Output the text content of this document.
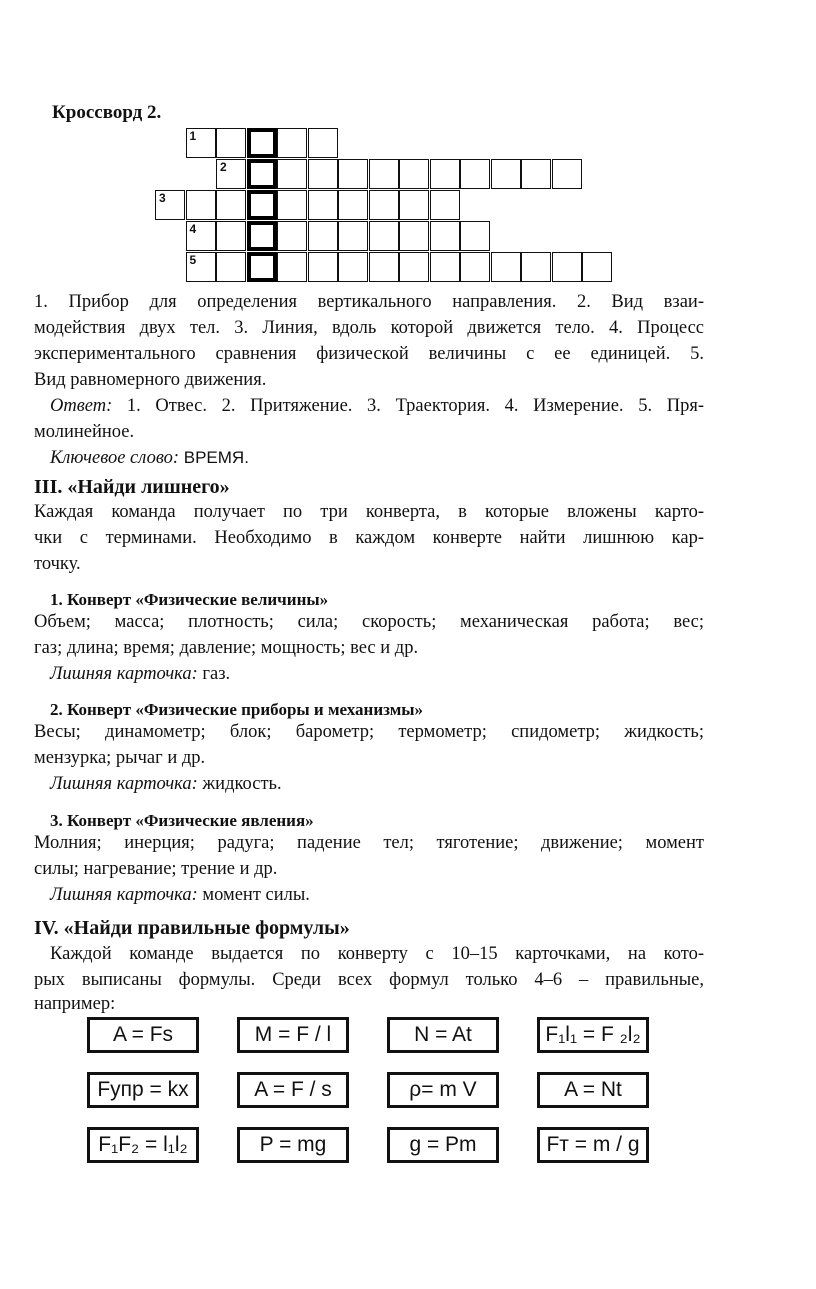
Кроссворд 2.
1
2
3
4
5
1. Прибор для определения вертикального направления. 2. Вид взаи-
модействия двух тел. 3. Линия, вдоль которой движется тело. 4. Процесс
экспериментального сравнения физической величины с ее единицей. 5.
Вид равномерного движения.
Ответ: 1. Отвес. 2. Притяжение. 3. Траектория. 4. Измерение. 5. Пря-
молинейное.
Ключевое слово: ВРЕМЯ.
III. «Найди лишнего»
Каждая команда получает по три конверта, в которые вложены карто-
чки с терминами. Необходимо в каждом конверте найти лишнюю кар-
точку.
1. Конверт «Физические величины»
Объем; масса; плотность; сила; скорость; механическая работа; вес;
газ; длина; время; давление; мощность; вес и др.
Лишняя карточка: газ.
2. Конверт «Физические приборы и механизмы»
Весы; динамометр; блок; барометр; термометр; спидометр; жидкость;
мензурка; рычаг и др.
Лишняя карточка: жидкость.
3. Конверт «Физические явления»
Молния; инерция; радуга; падение тел; тяготение; движение; момент
силы; нагревание; трение и др.
Лишняя карточка: момент силы.
IV. «Найди правильные формулы»
Каждой команде выдается по конверту с 10–15 карточками, на кото-
рых выписаны формулы. Среди всех формул только 4–6 – правильные,
например:
A = Fs	M = F / l	N = At	F₁l₁ = F ₂l₂
Fупр = kx	A = F / s	ρ= m V	A = Nt
F₁F₂ = l₁l₂	P = mg	g = Pm	Fт = m / g
